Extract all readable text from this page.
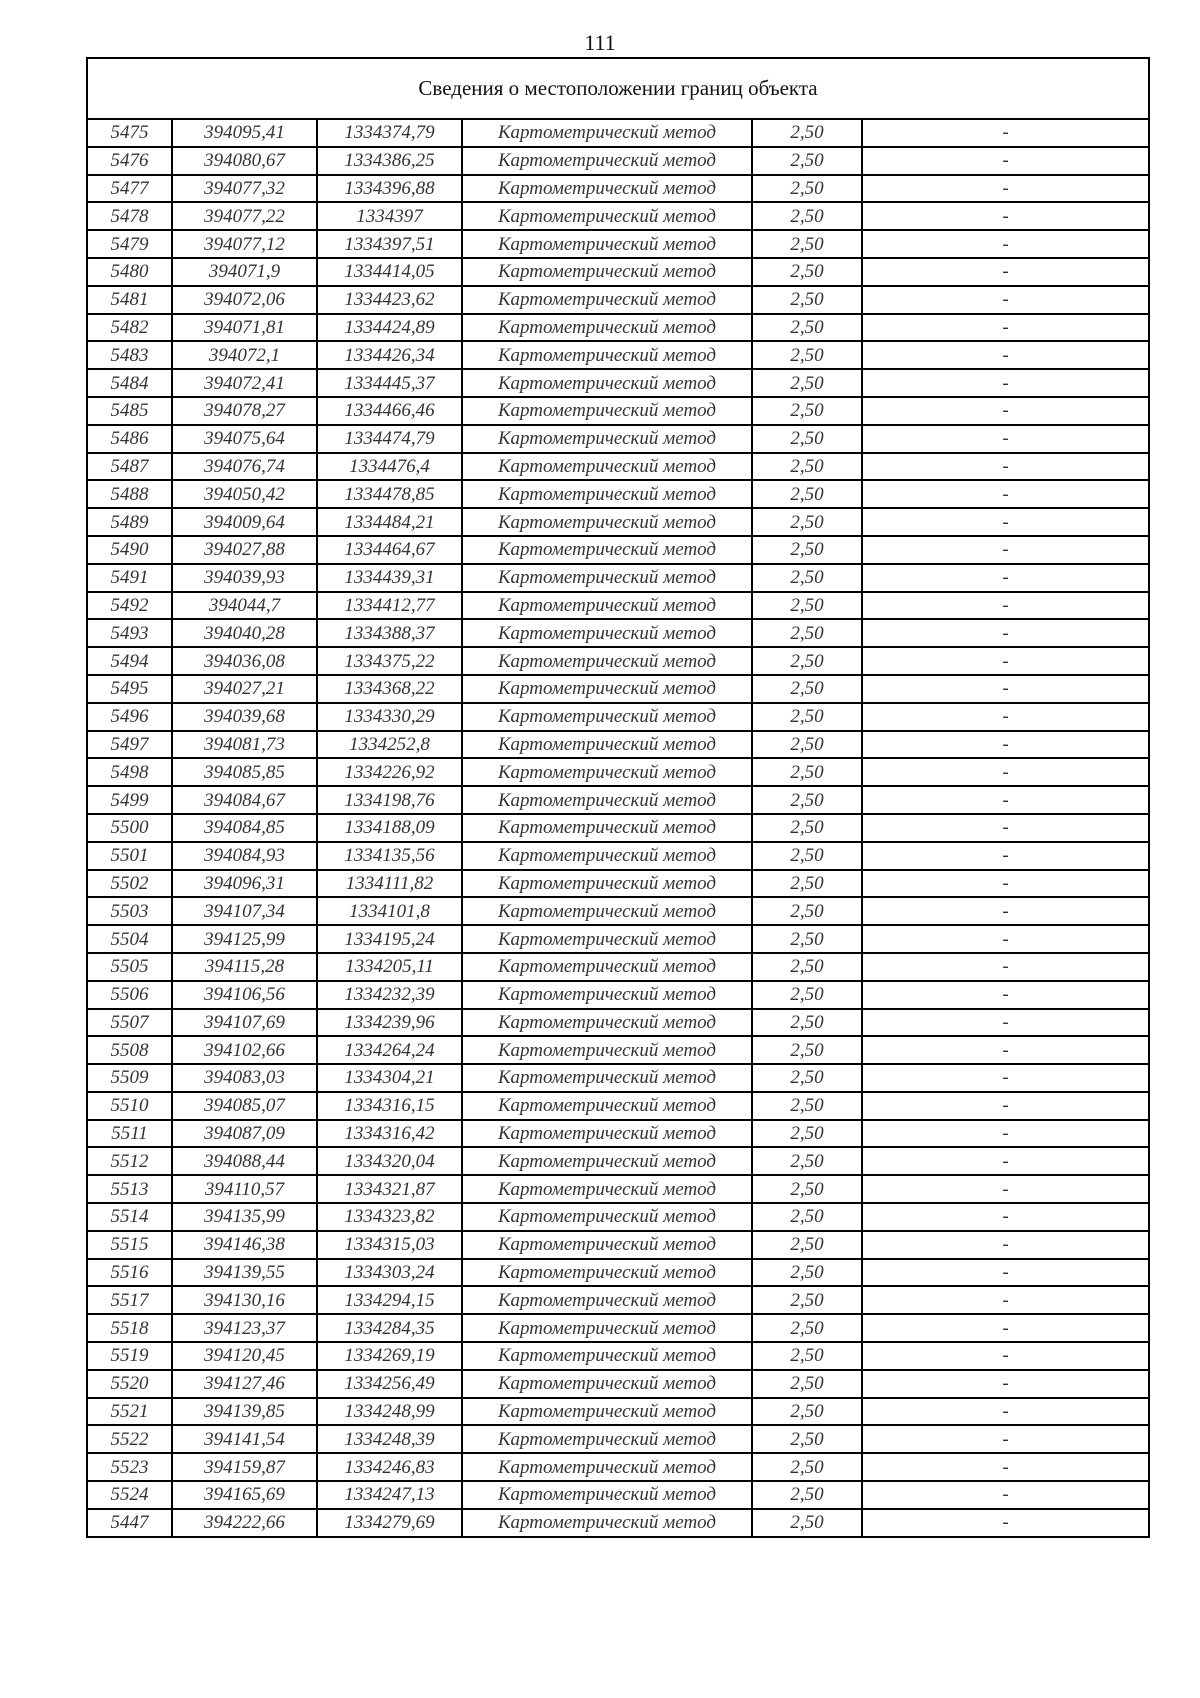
111
Сведения о местоположении границ объекта					
5475	394095,41	1334374,79	Картометрический метод	2,50	-
5476	394080,67	1334386,25	Картометрический метод	2,50	-
5477	394077,32	1334396,88	Картометрический метод	2,50	-
5478	394077,22	1334397	Картометрический метод	2,50	-
5479	394077,12	1334397,51	Картометрический метод	2,50	-
5480	394071,9	1334414,05	Картометрический метод	2,50	-
5481	394072,06	1334423,62	Картометрический метод	2,50	-
5482	394071,81	1334424,89	Картометрический метод	2,50	-
5483	394072,1	1334426,34	Картометрический метод	2,50	-
5484	394072,41	1334445,37	Картометрический метод	2,50	-
5485	394078,27	1334466,46	Картометрический метод	2,50	-
5486	394075,64	1334474,79	Картометрический метод	2,50	-
5487	394076,74	1334476,4	Картометрический метод	2,50	-
5488	394050,42	1334478,85	Картометрический метод	2,50	-
5489	394009,64	1334484,21	Картометрический метод	2,50	-
5490	394027,88	1334464,67	Картометрический метод	2,50	-
5491	394039,93	1334439,31	Картометрический метод	2,50	-
5492	394044,7	1334412,77	Картометрический метод	2,50	-
5493	394040,28	1334388,37	Картометрический метод	2,50	-
5494	394036,08	1334375,22	Картометрический метод	2,50	-
5495	394027,21	1334368,22	Картометрический метод	2,50	-
5496	394039,68	1334330,29	Картометрический метод	2,50	-
5497	394081,73	1334252,8	Картометрический метод	2,50	-
5498	394085,85	1334226,92	Картометрический метод	2,50	-
5499	394084,67	1334198,76	Картометрический метод	2,50	-
5500	394084,85	1334188,09	Картометрический метод	2,50	-
5501	394084,93	1334135,56	Картометрический метод	2,50	-
5502	394096,31	1334111,82	Картометрический метод	2,50	-
5503	394107,34	1334101,8	Картометрический метод	2,50	-
5504	394125,99	1334195,24	Картометрический метод	2,50	-
5505	394115,28	1334205,11	Картометрический метод	2,50	-
5506	394106,56	1334232,39	Картометрический метод	2,50	-
5507	394107,69	1334239,96	Картометрический метод	2,50	-
5508	394102,66	1334264,24	Картометрический метод	2,50	-
5509	394083,03	1334304,21	Картометрический метод	2,50	-
5510	394085,07	1334316,15	Картометрический метод	2,50	-
5511	394087,09	1334316,42	Картометрический метод	2,50	-
5512	394088,44	1334320,04	Картометрический метод	2,50	-
5513	394110,57	1334321,87	Картометрический метод	2,50	-
5514	394135,99	1334323,82	Картометрический метод	2,50	-
5515	394146,38	1334315,03	Картометрический метод	2,50	-
5516	394139,55	1334303,24	Картометрический метод	2,50	-
5517	394130,16	1334294,15	Картометрический метод	2,50	-
5518	394123,37	1334284,35	Картометрический метод	2,50	-
5519	394120,45	1334269,19	Картометрический метод	2,50	-
5520	394127,46	1334256,49	Картометрический метод	2,50	-
5521	394139,85	1334248,99	Картометрический метод	2,50	-
5522	394141,54	1334248,39	Картометрический метод	2,50	-
5523	394159,87	1334246,83	Картометрический метод	2,50	-
5524	394165,69	1334247,13	Картометрический метод	2,50	-
5447	394222,66	1334279,69	Картометрический метод	2,50	-
